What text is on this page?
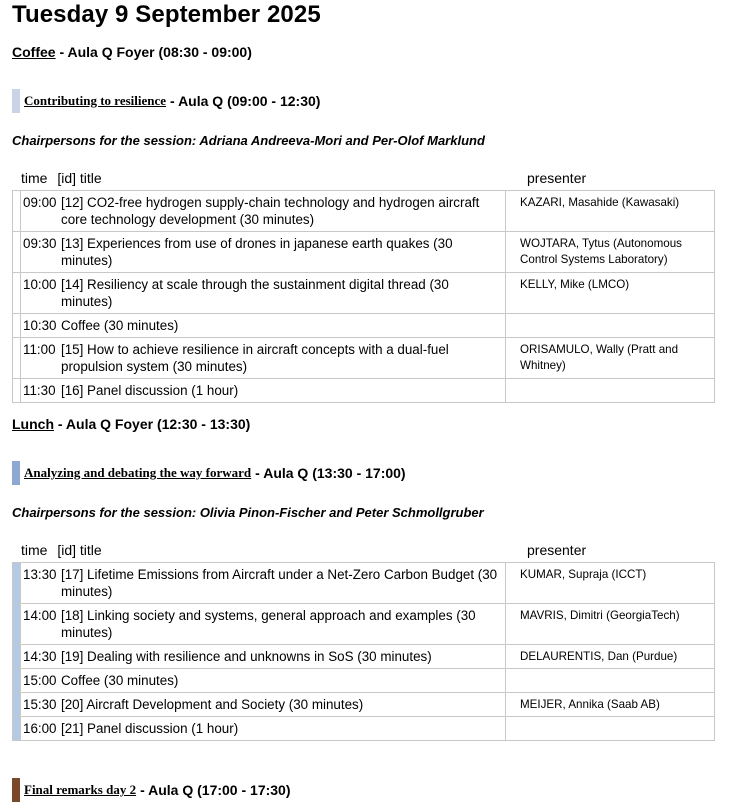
Tuesday 9 September 2025
Coffee - Aula Q Foyer (08:30 - 09:00)
Contributing to resilience - Aula Q (09:00 - 12:30)
Chairpersons for the session: Adriana Andreeva-Mori and Per-Olof Marklund
time [id] title	presenter

	09:00 [12] CO2-free hydrogen supply-chain technology and hydrogen aircraft core technology development (30 minutes)	KAZARI, Masahide (Kawasaki)

	09:30 [13] Experiences from use of drones in japanese earth quakes (30 minutes)	WOJTARA, Tytus (Autonomous Control Systems Laboratory)

	10:00 [14] Resiliency at scale through the sustainment digital thread (30 minutes)	KELLY, Mike (LMCO)

	10:30 Coffee (30 minutes)	

	11:00 [15] How to achieve resilience in aircraft concepts with a dual-fuel propulsion system (30 minutes)	ORISAMULO, Wally (Pratt and Whitney)

	11:30 [16] Panel discussion (1 hour)	

Lunch - Aula Q Foyer (12:30 - 13:30)
Analyzing and debating the way forward - Aula Q (13:30 - 17:00)
Chairpersons for the session: Olivia Pinon-Fischer and Peter Schmollgruber
time [id] title	presenter

	13:30 [17] Lifetime Emissions from Aircraft under a Net-Zero Carbon Budget (30 minutes)	KUMAR, Supraja (ICCT)

	14:00 [18] Linking society and systems, general approach and examples (30 minutes)	MAVRIS, Dimitri (GeorgiaTech)

	14:30 [19] Dealing with resilience and unknowns in SoS (30 minutes)	DELAURENTIS, Dan (Purdue)

	15:00 Coffee (30 minutes)	

	15:30 [20] Aircraft Development and Society (30 minutes)	MEIJER, Annika (Saab AB)

	16:00 [21] Panel discussion (1 hour)	

Final remarks day 2 - Aula Q (17:00 - 17:30)
